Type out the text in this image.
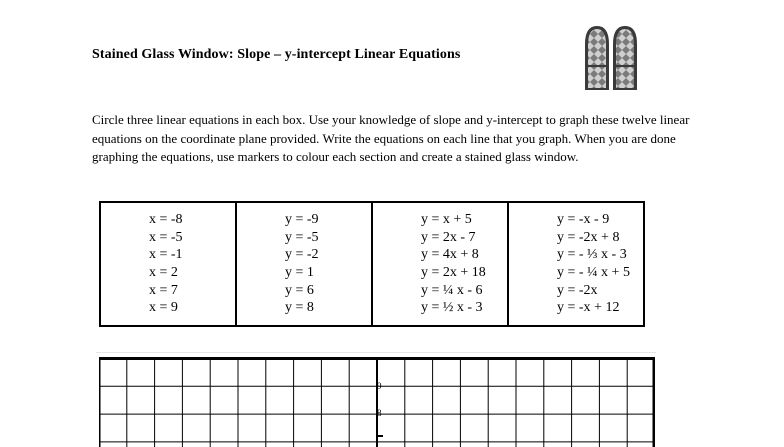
Stained Glass Window: Slope – y-intercept Linear Equations
Circle three linear equations in each box. Use your knowledge of slope and y-intercept to graph these twelve linear equations on the coordinate plane provided. Write the equations on each line that you graph. When you are done graphing the equations, use markers to colour each section and create a stained glass window.
x = -8
x = -5
x = -1
x = 2
x = 7
x = 9

y = -9
y = -5
y = -2
y = 1
y = 6
y = 8

y = x + 5
y = 2x - 7
y = 4x + 8
y = 2x + 18
y = ¼ x - 6
y = ½ x - 3

y = -x - 9
y = -2x + 8
y = - ⅓ x - 3
y = - ¼ x + 5
y = -2x
y = -x + 12
9
8
